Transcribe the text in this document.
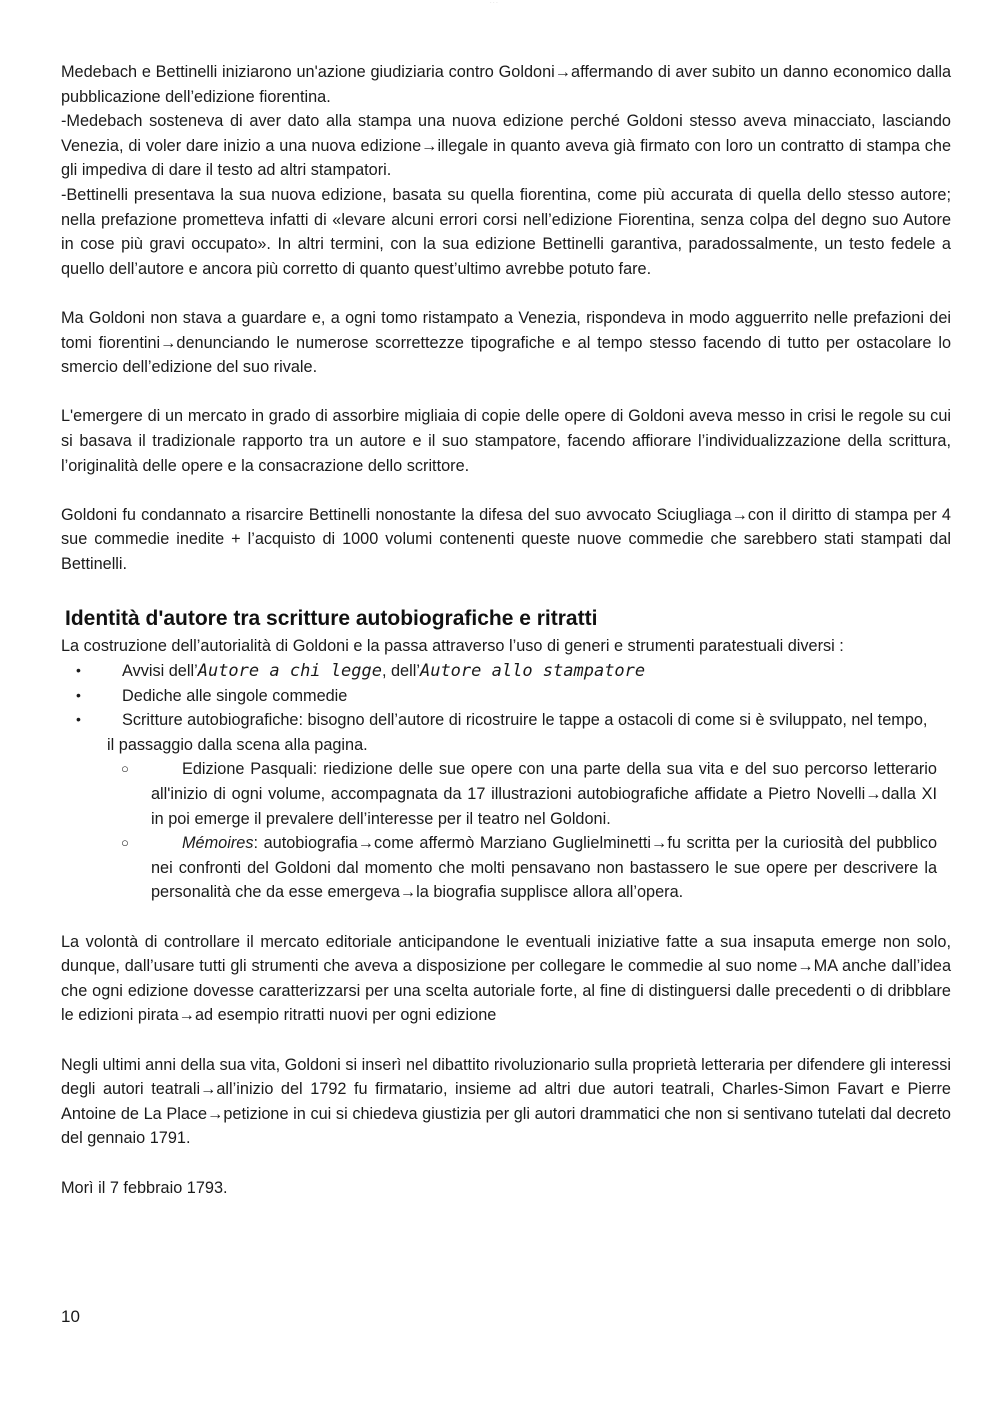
· · ·

Medebach e Bettinelli iniziarono un'azione giudiziaria contro Goldoni→affermando di aver subito un danno economico dalla pubblicazione dell’edizione fiorentina.

-Medebach sosteneva di aver dato alla stampa una nuova edizione perché Goldoni stesso aveva minacciato, lasciando Venezia, di voler dare inizio a una nuova edizione→illegale in quanto aveva già firmato con loro un contratto di stampa che gli impediva di dare il testo ad altri stampatori.

-Bettinelli presentava la sua nuova edizione, basata su quella fiorentina, come più accurata di quella dello stesso autore; nella prefazione prometteva infatti di «levare alcuni errori corsi nell’edizione Fiorentina, senza colpa del degno suo Autore in cose più gravi occupato». In altri termini, con la sua edizione Bettinelli garantiva, paradossalmente, un testo fedele a quello dell’autore e ancora più corretto di quanto quest’ultimo avrebbe potuto fare.

Ma Goldoni non stava a guardare e, a ogni tomo ristampato a Venezia, rispondeva in modo agguerrito nelle prefazioni dei tomi fiorentini→denunciando le numerose scorrettezze tipografiche e al tempo stesso facendo di tutto per ostacolare lo smercio dell’edizione del suo rivale.

L'emergere di un mercato in grado di assorbire migliaia di copie delle opere di Goldoni aveva messo in crisi le regole su cui si basava il tradizionale rapporto tra un autore e il suo stampatore, facendo affiorare l’individualizzazione della scrittura, l’originalità delle opere e la consacrazione dello scrittore.

Goldoni fu condannato a risarcire Bettinelli nonostante la difesa del suo avvocato Sciugliaga→con il diritto di stampa per 4 sue commedie inedite + l’acquisto di 1000 volumi contenenti queste nuove commedie che sarebbero stati stampati dal Bettinelli.

Identità d'autore tra scritture autobiografiche e ritratti

La costruzione dell’autorialità di Goldoni e la passa attraverso l’uso di generi e strumenti paratestuali diversi :

•	Avvisi dell’Autore a chi legge, dell’Autore allo stampatore
•	Dediche alle singole commedie
•	Scritture autobiografiche: bisogno dell’autore di ricostruire le tappe a ostacoli di come si è sviluppato, nel tempo, il passaggio dalla scena alla pagina.
○	Edizione Pasquali: riedizione delle sue opere con una parte della sua vita e del suo percorso letterario all'inizio di ogni volume, accompagnata da 17 illustrazioni autobiografiche affidate a Pietro Novelli→dalla XI in poi emerge il prevalere dell’interesse per il teatro nel Goldoni.
○	Mémoires: autobiografia→come affermò Marziano Guglielminetti→fu scritta per la curiosità del pubblico nei confronti del Goldoni dal momento che molti pensavano non bastassero le sue opere per descrivere la personalità che da esse emergeva→la biografia supplisce allora all’opera.

La volontà di controllare il mercato editoriale anticipandone le eventuali iniziative fatte a sua insaputa emerge non solo, dunque, dall’usare tutti gli strumenti che aveva a disposizione per collegare le commedie al suo nome→MA anche dall’idea che ogni edizione dovesse caratterizzarsi per una scelta autoriale forte, al fine di distinguersi dalle precedenti o di dribblare le edizioni pirata→ad esempio ritratti nuovi per ogni edizione

Negli ultimi anni della sua vita, Goldoni si inserì nel dibattito rivoluzionario sulla proprietà letteraria per difendere gli interessi degli autori teatrali→all’inizio del 1792 fu firmatario, insieme ad altri due autori teatrali, Charles-Simon Favart e Pierre Antoine de La Place→petizione in cui si chiedeva giustizia per gli autori drammatici che non si sentivano tutelati dal decreto del gennaio 1791.

Morì il 7 febbraio 1793.

10
